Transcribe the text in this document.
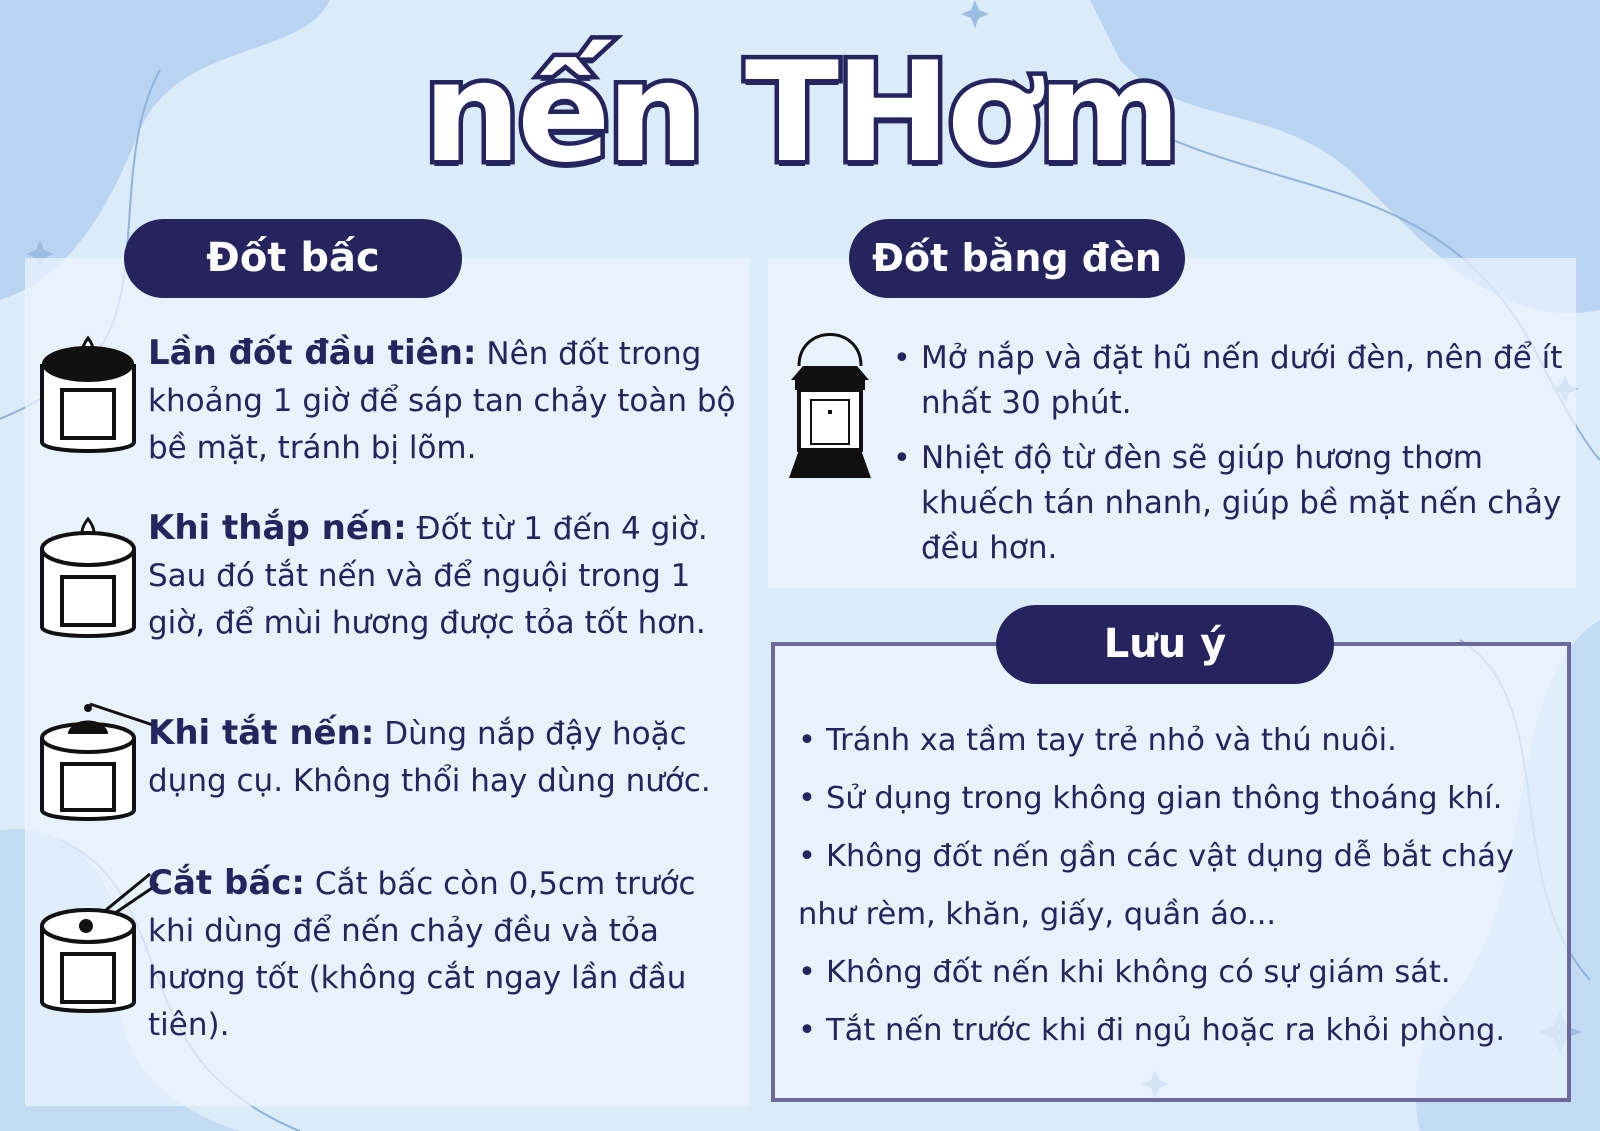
nến THơm
Đốt bấc	Đốt bằng đèn
Lưu ý
Lần đốt đầu tiên: Nên đốt trong khoảng 1 giờ để sáp tan chảy toàn bộ bề mặt, tránh bị lõm.
Khi thắp nến: Đốt từ 1 đến 4 giờ. Sau đó tắt nến và để nguội trong 1 giờ, để mùi hương được tỏa tốt hơn.
Khi tắt nến: Dùng nắp đậy hoặc dụng cụ. Không thổi hay dùng nước.
Cắt bấc: Cắt bấc còn 0,5cm trước khi dùng để nến chảy đều và tỏa hương tốt (không cắt ngay lần đầu tiên).
• Mở nắp và đặt hũ nến dưới đèn, nên để ít nhất 30 phút.
• Nhiệt độ từ đèn sẽ giúp hương thơm khuếch tán nhanh, giúp bề mặt nến chảy đều hơn.
• Tránh xa tầm tay trẻ nhỏ và thú nuôi.
• Sử dụng trong không gian thông thoáng khí.
• Không đốt nến gần các vật dụng dễ bắt cháy
như rèm, khăn, giấy, quần áo...
• Không đốt nến khi không có sự giám sát.
• Tắt nến trước khi đi ngủ hoặc ra khỏi phòng.
